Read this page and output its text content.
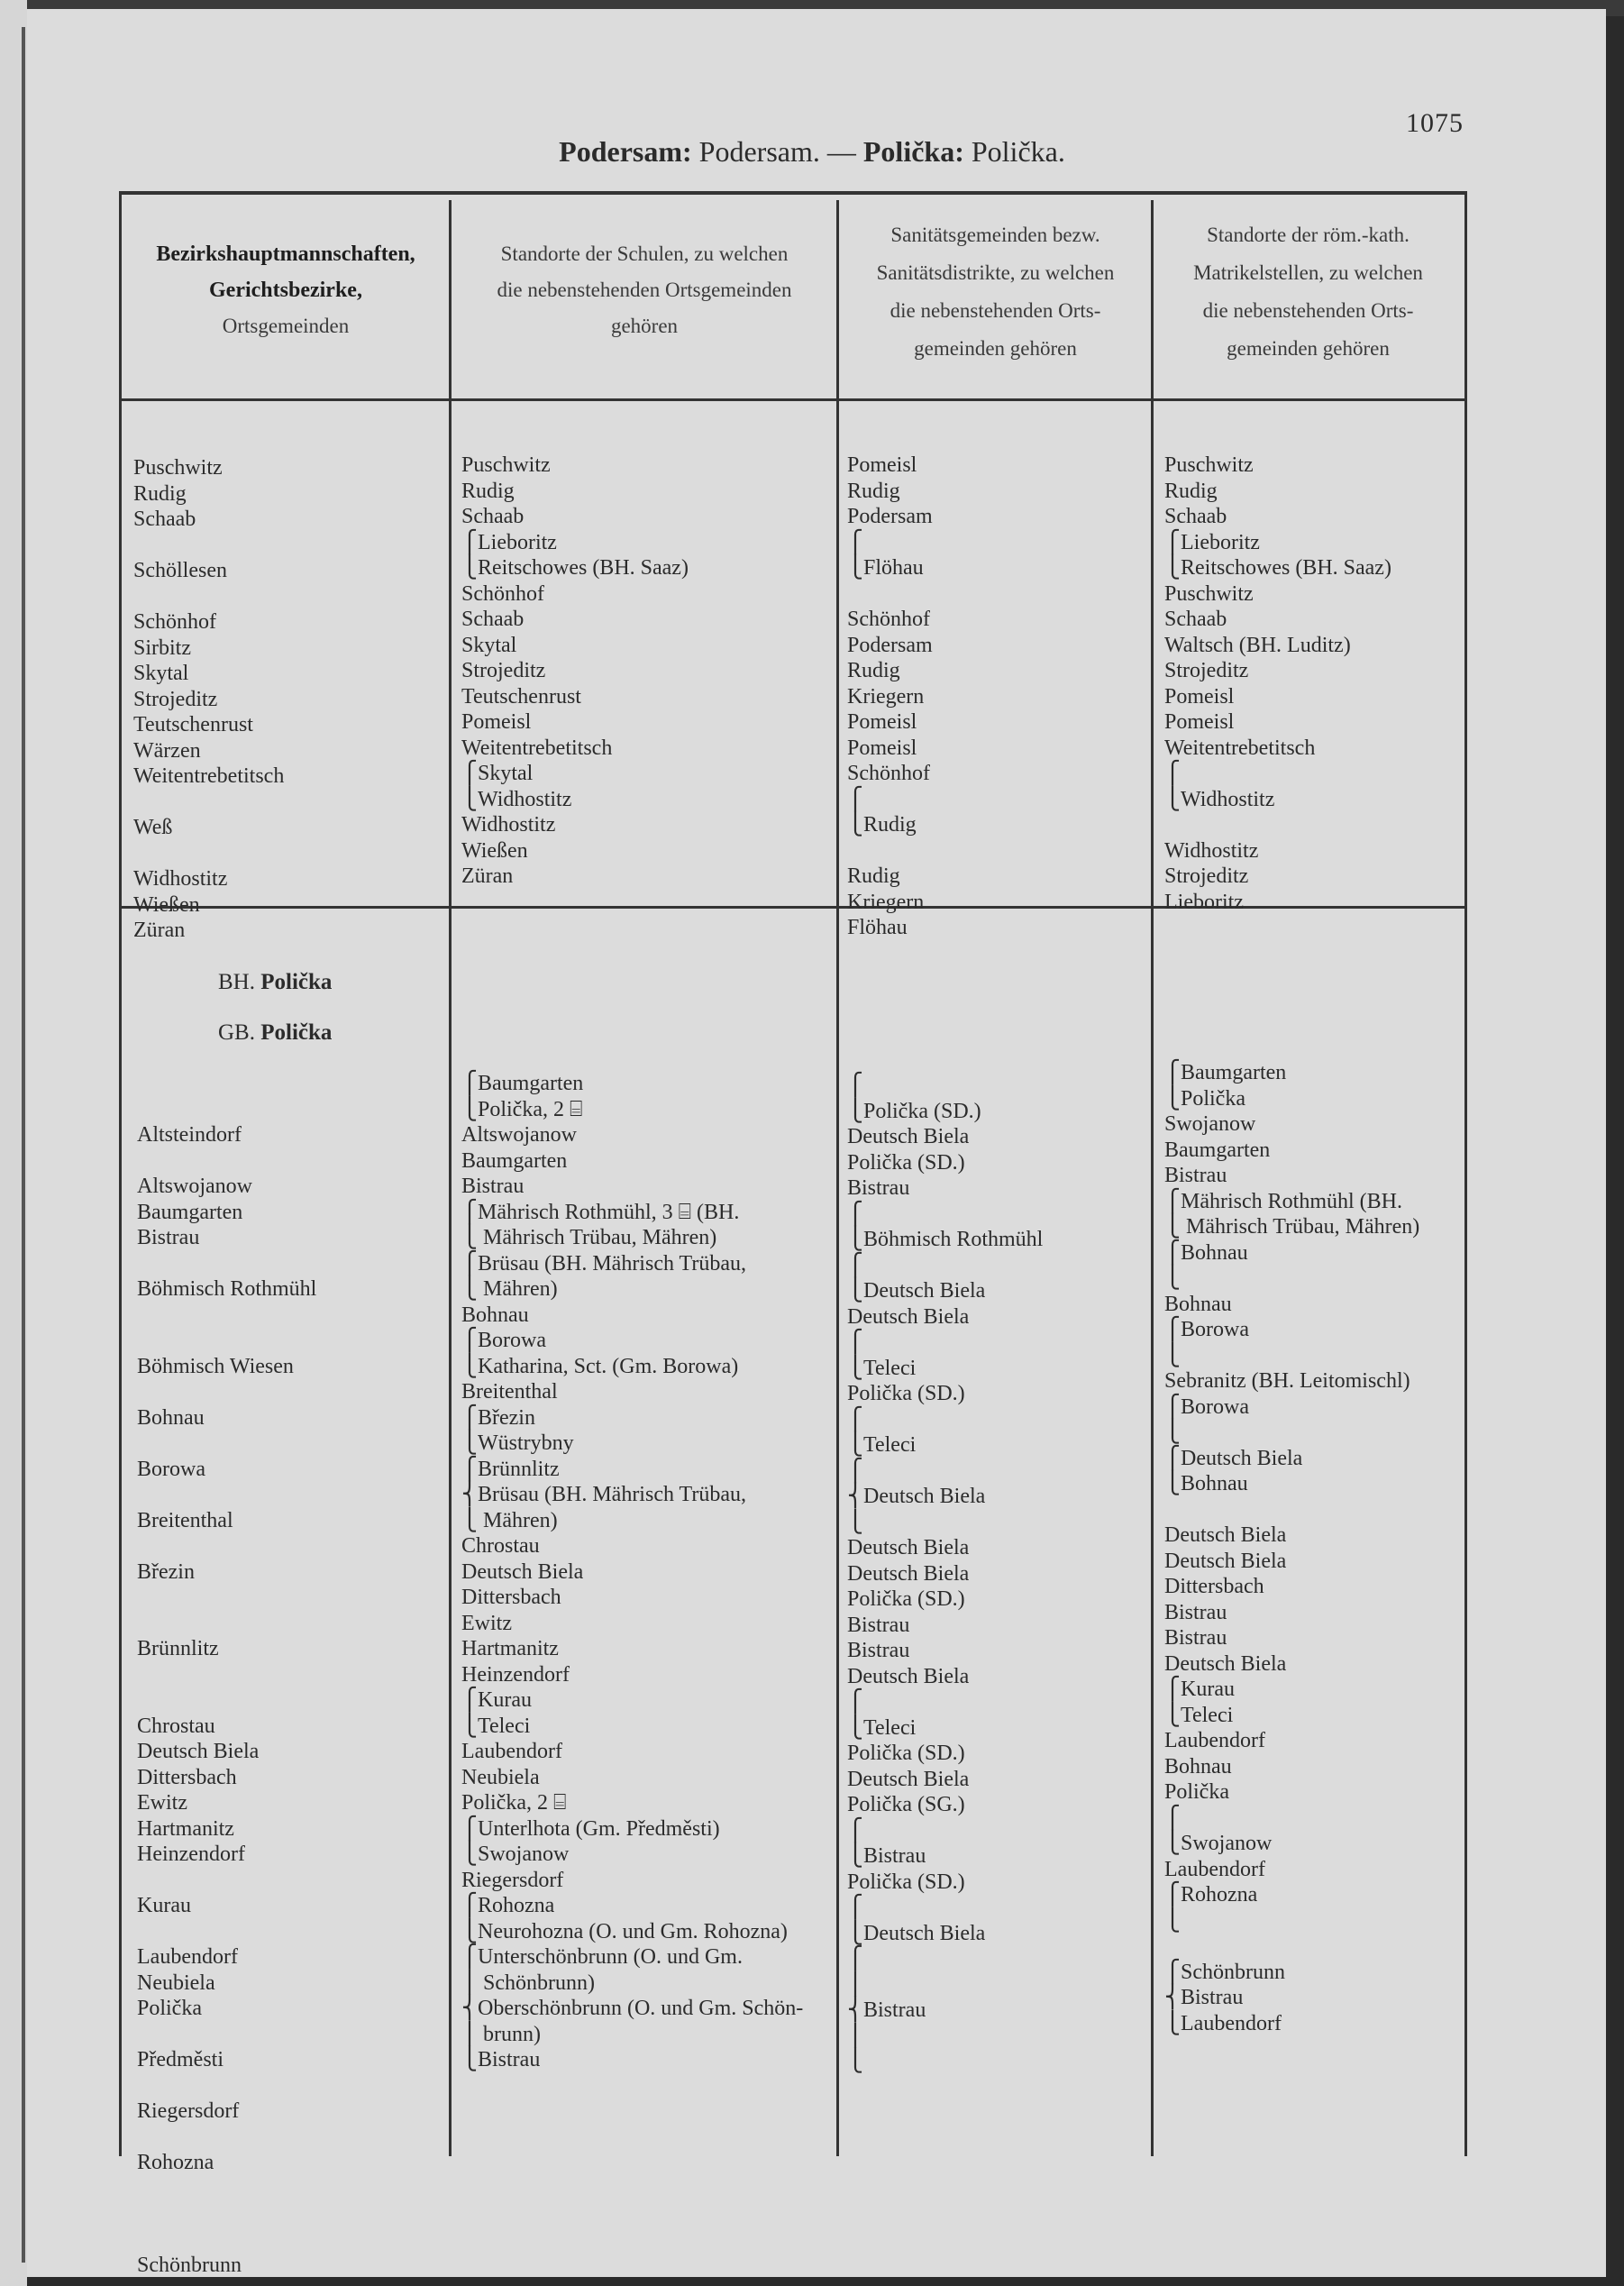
1075
Podersam: Podersam. — Polička: Polička.
Bezirkshauptmannschaften,
Gerichtsbezirke,
Ortsgemeinden
Standorte der Schulen, zu welchen
die nebenstehenden Ortsgemeinden
gehören
Sanitätsgemeinden bezw.
Sanitätsdistrikte, zu welchen
die nebenstehenden Orts-
gemeinden gehören
Standorte der röm.-kath.
Matrikelstellen, zu welchen
die nebenstehenden Orts-
gemeinden gehören
Puschwitz
Rudig
Schaab
Schöllesen
Schönhof
Sirbitz
Skytal
Strojeditz
Teutschenrust
Wärzen
Weitentrebetitsch
Weß
Widhostitz
Wießen
Züran
Puschwitz
Rudig
Schaab
⎧Lieboritz
⎩Reitschowes (BH. Saaz)
Schönhof
Schaab
Skytal
Strojeditz
Teutschenrust
Pomeisl
Weitentrebetitsch
⎧Skytal
⎩Widhostitz
Widhostitz
Wießen
Züran
Pomeisl
Rudig
Podersam
⎧
⎩Flöhau
Schönhof
Podersam
Rudig
Kriegern
Pomeisl
Pomeisl
Schönhof
⎧
⎩Rudig
Rudig
Kriegern
Flöhau
Puschwitz
Rudig
Schaab
⎧Lieboritz
⎩Reitschowes (BH. Saaz)
Puschwitz
Schaab
Waltsch (BH. Luditz)
Strojeditz
Pomeisl
Pomeisl
Weitentrebetitsch
⎧
⎩Widhostitz
Widhostitz
Strojeditz
Lieboritz
BH. Polička
GB. Polička
Altsteindorf
Altswojanow
Baumgarten
Bistrau
Böhmisch Rothmühl
Böhmisch Wiesen
Bohnau
Borowa
Breitenthal
Březin
Brünnlitz
Chrostau
Deutsch Biela
Dittersbach
Ewitz
Hartmanitz
Heinzendorf
Kurau
Laubendorf
Neubiela
Polička
Předměsti
Riegersdorf
Rohozna
Schönbrunn
⎧Baumgarten
⎩Polička, 2 ⌸
Altswojanow
Baumgarten
Bistrau
⎧Mährisch Rothmühl, 3 ⌸ (BH.
⎩ Mährisch Trübau, Mähren)
⎧Brüsau (BH. Mährisch Trübau,
⎩ Mähren)
Bohnau
⎧Borowa
⎩Katharina, Sct. (Gm. Borowa)
Breitenthal
⎧Březin
⎩Wüstrybny
⎧Brünnlitz
⎨Brüsau (BH. Mährisch Trübau,
⎩ Mähren)
Chrostau
Deutsch Biela
Dittersbach
Ewitz
Hartmanitz
Heinzendorf
⎧Kurau
⎩Teleci
Laubendorf
Neubiela
Polička, 2 ⌸
⎧Unterlhota (Gm. Předměsti)
⎩Swojanow
Riegersdorf
⎧Rohozna
⎩Neurohozna (O. und Gm. Rohozna)
⎧Unterschönbrunn (O. und Gm.
⎪ Schönbrunn)
⎨Oberschönbrunn (O. und Gm. Schön-
⎪ brunn)
⎩Bistrau
⎧
⎩Polička (SD.)
Deutsch Biela
Polička (SD.)
Bistrau
⎧
⎩Böhmisch Rothmühl
⎧
⎩Deutsch Biela
Deutsch Biela
⎧
⎩Teleci
Polička (SD.)
⎧
⎩Teleci
⎧
⎨Deutsch Biela
⎩
Deutsch Biela
Deutsch Biela
Polička (SD.)
Bistrau
Bistrau
Deutsch Biela
⎧
⎩Teleci
Polička (SD.)
Deutsch Biela
Polička (SG.)
⎧
⎩Bistrau
Polička (SD.)
⎧
⎩Deutsch Biela
⎧
⎪
⎨Bistrau
⎪
⎩
⎧Baumgarten
⎩Polička
Swojanow
Baumgarten
Bistrau
⎧Mährisch Rothmühl (BH.
⎩ Mährisch Trübau, Mähren)
⎧Bohnau
⎩
Bohnau
⎧Borowa
⎩
Sebranitz (BH. Leitomischl)
⎧Borowa
⎩
⎧Deutsch Biela
⎩Bohnau
Deutsch Biela
Deutsch Biela
Dittersbach
Bistrau
Bistrau
Deutsch Biela
⎧Kurau
⎩Teleci
Laubendorf
Bohnau
Polička
⎧
⎩Swojanow
Laubendorf
⎧Rohozna
⎩
⎧Schönbrunn
⎨Bistrau
⎩Laubendorf
